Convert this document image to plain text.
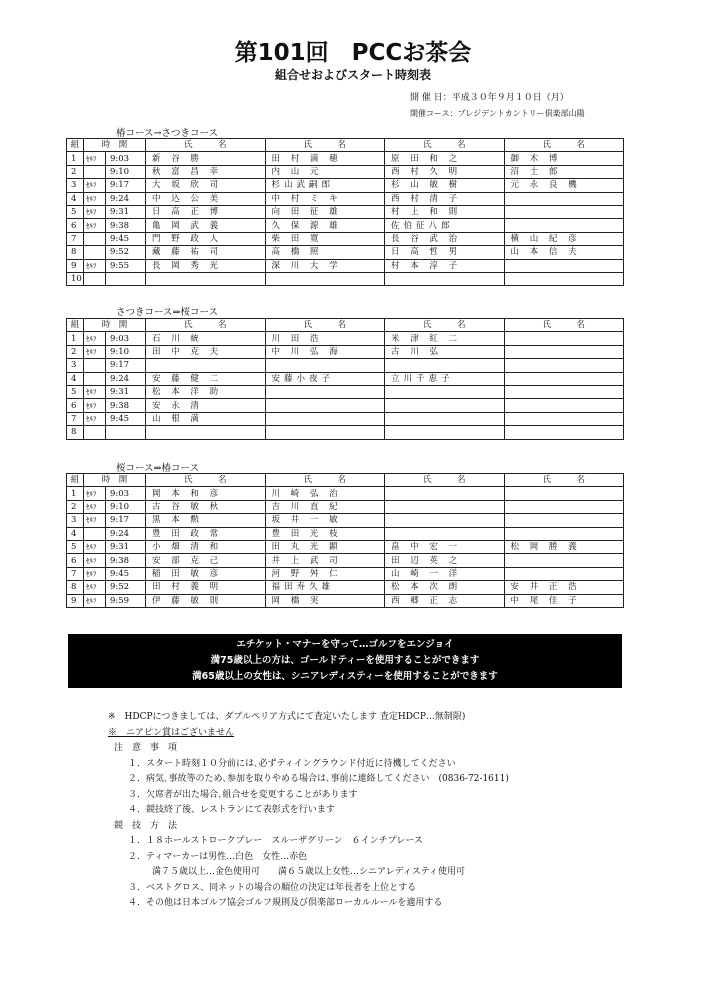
第101回　PCCお茶会
組合せおよびスタート時刻表
開 催 日：平成３０年９月１０日（月）
開催コース：プレジデントカントリー倶楽部山陽
椿コース→さつきコース
組	時　開		氏　　　名	氏　　　名	氏　　　名	氏　　　名
1	ｾﾙﾌ	9:03	新 谷 勝	田 村 満 穂	原 田 和 之	御 木 博
2		9:10	秋 富 昌 幸	内 山 元	西 村 久 明	沼 士 郎
3	ｾﾙﾌ	9:17	大 坂 欣 司	杉山武嗣郎	杉 山 敏 樹	元 永 良 機
4	ｾﾙﾌ	9:24	中 込 公 美	中 村 ミ キ	西 村 清 子	
5	ｾﾙﾌ	9:31	日 高 正 博	向 田 征 雄	村 上 和 則	
6	ｾﾙﾌ	9:38	亀 岡 武 義	久 保 源 雄	佐伯征八郎	
7		9:45	門 野 政 人	柴 田 寛	長 谷 武 治	横 山 紀 彦
8		9:52	藏 藤 祐 司	高 橋 照	日 高 哲 男	山 本 信 夫
9	ｾﾙﾌ	9:55	長 岡 秀 光	深 川 大 学	村 本 淳 子	
10						
さつきコース⇒桜コース
組	時　開		氏　　　名	氏　　　名	氏　　　名	氏　　　名
1	ｾﾙﾌ	9:03	石 川 統	川 田 浩	米 津 紅 二	
2	ｾﾙﾌ	9:10	田 中 克 夫	中 川 弘 海	古 川 弘	
3		9:17				
4		9:24	安 藤 健 二	安藤小夜子	立川千恵子	
5	ｾﾙﾌ	9:31	松 本 洋 助			
6	ｾﾙﾌ	9:38	安 永 清			
7	ｾﾙﾌ	9:45	山 根 満			
8						
桜コース⇒椿コース
組	時　開		氏　　　名	氏　　　名	氏　　　名	氏　　　名
1	ｾﾙﾌ	9:03	岡 本 和 彦	川 崎 弘 治		
2	ｾﾙﾌ	9:10	古 谷 敏 秋	吉 川 直 紀		
3	ｾﾙﾌ	9:17	黒 本 勲	坂 井 一 敏		
4		9:24	豊 田 政 常	豊 田 光 枝		
5	ｾﾙﾌ	9:31	小 畑 清 和	田 丸 光 顕	畠 中 宏 一	松 岡 勝 義
6	ｾﾙﾌ	9:38	安 部 克 己	井 上 武 司	田 辺 英 之	
7	ｾﾙﾌ	9:45	稲 田 敏 彦	河 野 舛 仁	山 崎 一 洋	
8	ｾﾙﾌ	9:52	田 村 義 明	福田寿久雄	松 本 次 朗	安 井 正 浩
9	ｾﾙﾌ	9:59	伊 藤 敏 則	岡 橋 実	西 郷 正 志	中 尾 佳 子
エチケット・マナーを守って…ゴルフをエンジョイ
満75歳以上の方は、ゴールドティーを使用することができます
満65歳以上の女性は、シニアレディスティーを使用することができます
※　HDCPにつきましては、ダブルペリア方式にて査定いたします 査定HDCP…無制限)
※　ニアピン賞はございません
注　意　事　項
１．スタート時刻１０分前には､必ずティイングラウンド付近に待機してください
２．病気､事故等のため､参加を取りやめる場合は､事前に連絡してください　(0836-72-1611)
３．欠席者が出た場合､組合せを変更することがあります
４．競技終了後、レストランにて表彰式を行います
競　技　方　法
１．１８ホールストロークプレー　スルーザグリーン　６インチプレース
２．ティマーカーは男性…白色　女性…赤色
満７５歳以上…金色使用可　　満６５歳以上女性…シニアレディスティ使用可
３．ベストグロス、同ネットの場合の順位の決定は年長者を上位とする
４．その他は日本ゴルフ協会ゴルフ規則及び倶楽部ローカルルールを適用する
